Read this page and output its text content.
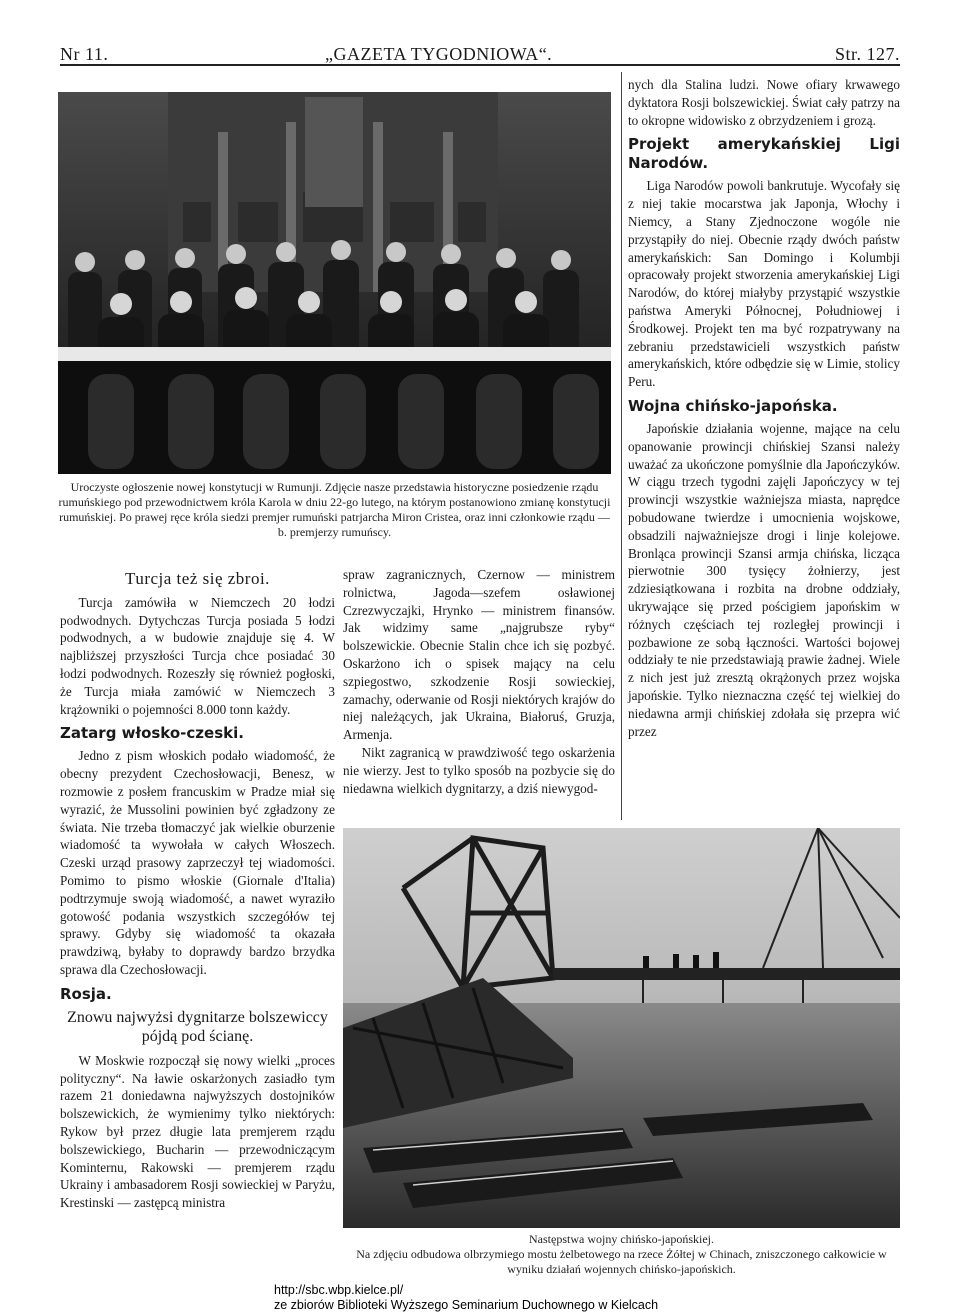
Nr 11.	„GAZETA TYGODNIOWA“.	Str. 127.
Uroczyste ogłoszenie nowej konstytucji w Rumunji. Zdjęcie nasze przedstawia historyczne posiedzenie rządu rumuńskiego pod przewodnictwem króla Karola w dniu 22-go lutego, na którym postanowiono zmianę konstytucji rumuńskiej. Po prawej ręce króla siedzi premjer rumuński patrjarcha Miron Cristea, oraz inni członkowie rządu — b. premjerzy rumuńscy.

nych dla Stalina ludzi. Nowe ofiary krwawego dyktatora Rosji bolszewickiej. Świat cały patrzy na to okropne widowisko z obrzydzeniem i grozą.

Projekt amerykańskiej Ligi Narodów.

Liga Narodów powoli bankrutuje. Wycofały się z niej takie mocarstwa jak Japonja, Włochy i Niemcy, a Stany Zjednoczone wogóle nie przystąpiły do niej. Obecnie rządy dwóch państw amerykańskich: San Domingo i Kolumbji opracowały projekt stworzenia amerykańskiej Ligi Narodów, do której miałyby przystąpić wszystkie państwa Ameryki Północnej, Południowej i Środkowej. Projekt ten ma być rozpatrywany na zebraniu przedstawicieli wszystkich państw amerykańskich, które odbędzie się w Limie, stolicy Peru.

Wojna chińsko-japońska.

Japońskie działania wojenne, mające na celu opanowanie prowincji chińskiej Szansi należy uważać za ukończone pomyślnie dla Japończyków. W ciągu trzech tygodni zajęli Japończycy w tej prowincji wszystkie ważniejsza miasta, naprędce pobudowane twierdze i umocnienia wojskowe, obsadzili najważniejsze drogi i linje kolejowe. Bronląca prowincji Szansi armja chińska, licząca pierwotnie 300 tysięcy żołnierzy, jest zdziesiątkowana i rozbita na drobne oddziały, ukrywające się przed pościgiem japońskim w różnych częściach tej rozległej prowincji i pozbawione ze sobą łączności. Wartości bojowej oddziały te nie przedstawiają prawie żadnej. Wiele z nich jest już zresztą okrążonych przez wojska japońskie. Tylko nieznaczna część tej wielkiej do niedawna armji chińskiej zdołała się przepra wić przez

Turcja też się zbroi.

Turcja zamówiła w Niemczech 20 łodzi podwodnych. Dytychczas Turcja posiada 5 łodzi podwodnych, a w budowie znajduje się 4. W najbliższej przyszłości Turcja chce posiadać 30 łodzi podwodnych. Rozeszły się również pogłoski, że Turcja miała zamówić w Niemczech 3 krążowniki o pojemności 8.000 tonn każdy.

Zatarg włosko-czeski.

Jedno z pism włoskich podało wiadomość, że obecny prezydent Czechosłowacji, Benesz, w rozmowie z posłem francuskim w Pradze miał się wyrazić, że Mussolini powinien być zgładzony ze świata. Nie trzeba tłomaczyć jak wielkie oburzenie wiadomość ta wywołała w całych Włoszech. Czeski urząd prasowy zaprzeczył tej wiadomości. Pomimo to pismo włoskie (Giornale d'Italia) podtrzymuje swoją wiadomość, a nawet wyraziło gotowość podania wszystkich szczegółów tej sprawy. Gdyby się wiadomość ta okazała prawdziwą, byłaby to doprawdy bardzo brzydka sprawa dla Czechosłowacji.

Rosja.
Znowu najwyżsi dygnitarze bolszewiccy pójdą pod ścianę.

W Moskwie rozpoczął się nowy wielki „proces polityczny“. Na ławie oskarżonych zasiadło tym razem 21 doniedawna najwyższych dostojników bolszewickich, że wymienimy tylko niektórych: Rykow był przez długie lata premjerem rządu bolszewickiego, Bucharin — przewodniczącym Kominternu, Rakowski — premjerem rządu Ukrainy i ambasadorem Rosji sowieckiej w Paryżu, Krestinski — zastępcą ministra

spraw zagranicznych, Czernow — ministrem rolnictwa, Jagoda—szefem osławionej Czrezwyczajki, Hrynko — ministrem finansów. Jak widzimy same „najgrubsze ryby“ bolszewickie. Obecnie Stalin chce ich się pozbyć. Oskarżono ich o spisek mający na celu szpiegostwo, szkodzenie Rosji sowieckiej, zamachy, oderwanie od Rosji niektórych krajów do niej należących, jak Ukraina, Białoruś, Gruzja, Armenja.

Nikt zagranicą w prawdziwość tego oskarżenia nie wierzy. Jest to tylko sposób na pozbycie się do niedawna wielkich dygnitarzy, a dziś niewygod-

Następstwa wojny chińsko-japońskiej.
Na zdjęciu odbudowa olbrzymiego mostu żelbetowego na rzece Żółtej w Chinach, zniszczonego całkowicie w wyniku działań wojennych chińsko-japońskich.
http://sbc.wbp.kielce.pl/
ze zbiorów Biblioteki Wyższego Seminarium Duchownego w Kielcach
